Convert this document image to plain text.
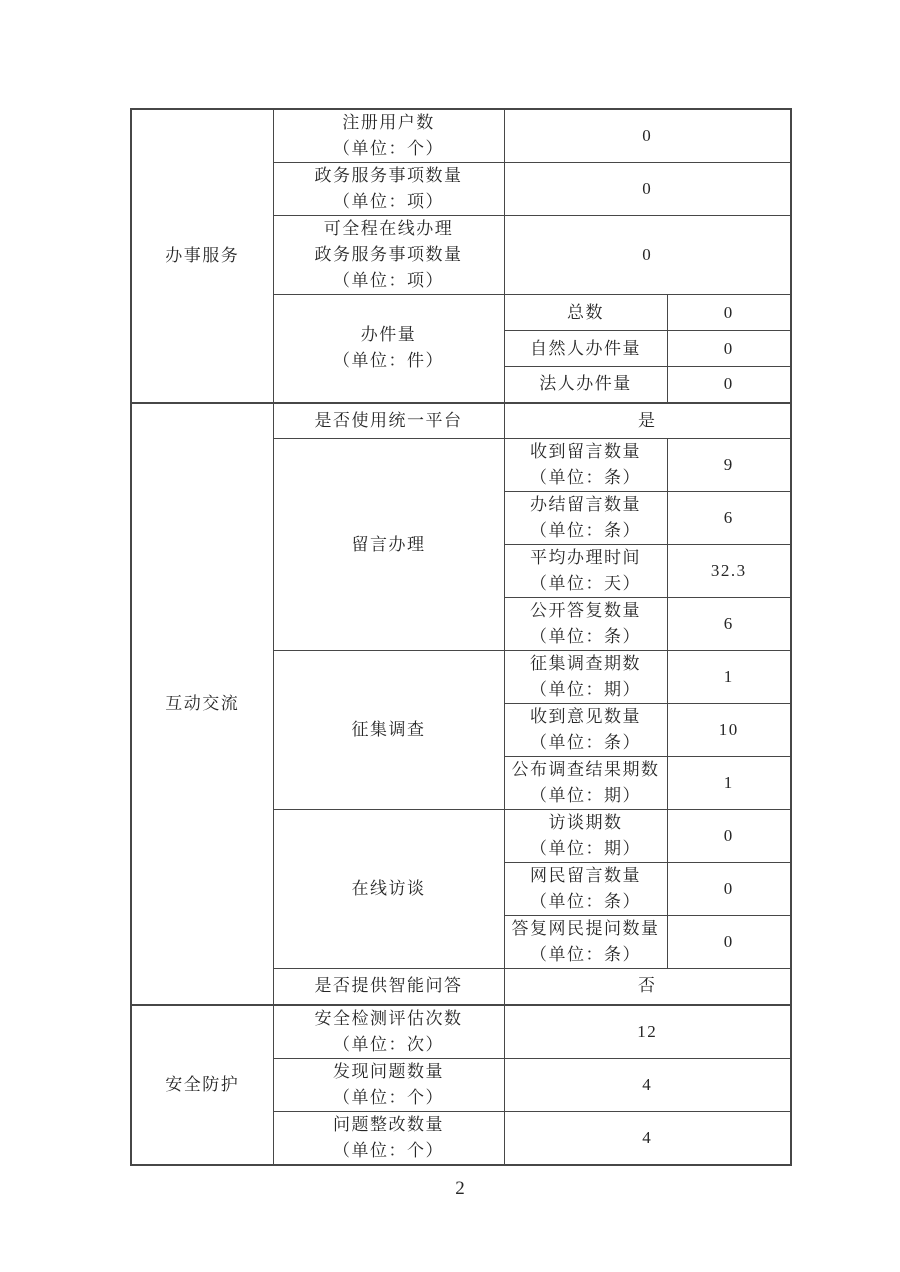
办事服务	注册用户数
（单位：个）	0	

	政务服务事项数量
（单位：项）	0	

	可全程在线办理
政务服务事项数量
（单位：项）	0	

	办件量
（单位：件）	总数	0

		自然人办件量	0

		法人办件量	0
互动交流	是否使用统一平台	是	

	留言办理	收到留言数量
（单位：条）	9

		办结留言数量
（单位：条）	6

		平均办理时间
（单位：天）	32.3

		公开答复数量
（单位：条）	6

	征集调查	征集调查期数
（单位：期）	1

		收到意见数量
（单位：条）	10

		公布调查结果期数
（单位：期）	1

	在线访谈	访谈期数
（单位：期）	0

		网民留言数量
（单位：条）	0

		答复网民提问数量
（单位：条）	0

	是否提供智能问答	否	
安全防护	安全检测评估次数
（单位：次）	12	

	发现问题数量
（单位：个）	4	

	问题整改数量
（单位：个）	4	
2
